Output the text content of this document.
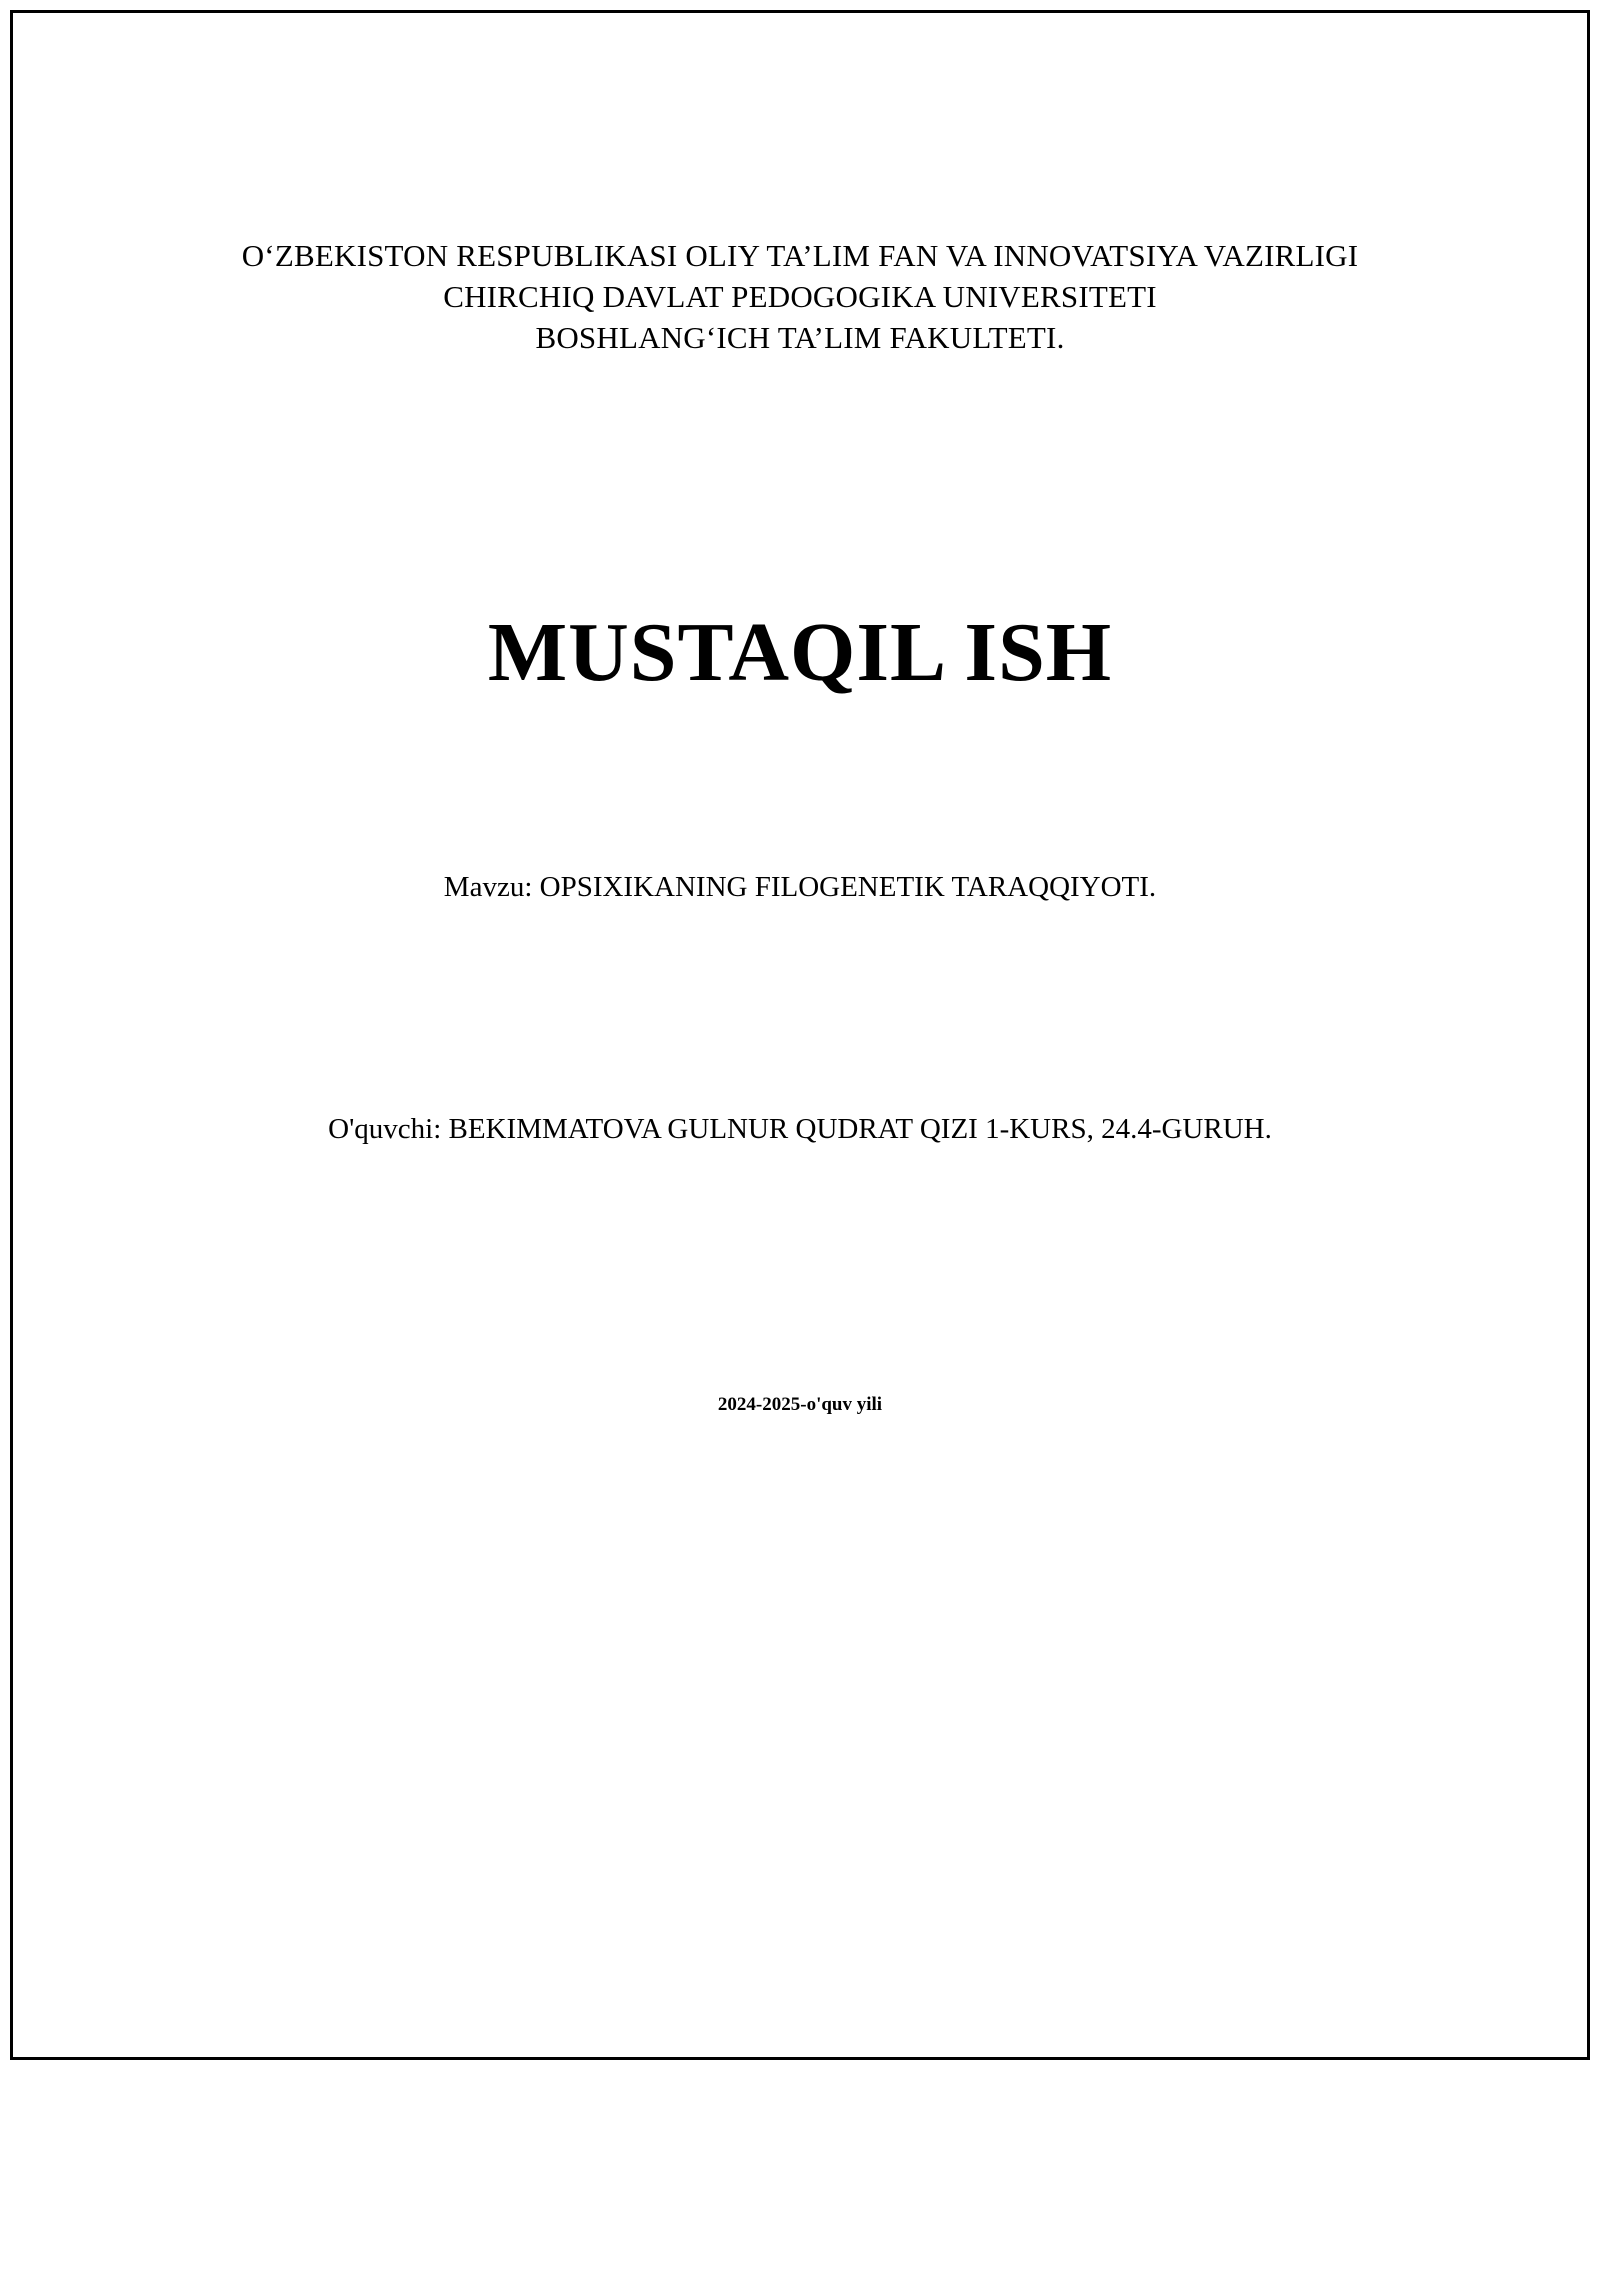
O‘ZBEKISTON RESPUBLIKASI OLIY TA’LIM FAN VA INNOVATSIYA VAZIRLIGI
CHIRCHIQ DAVLAT PEDOGOGIKA UNIVERSITETI
BOSHLANG‘ICH TA’LIM FAKULTETI.
MUSTAQIL ISH
Mavzu: OPSIXIKANING FILOGENETIK TARAQQIYOTI.
O'quvchi: BEKIMMATOVA GULNUR QUDRAT QIZI 1-KURS, 24.4-GURUH.
2024-2025-o'quv yili
